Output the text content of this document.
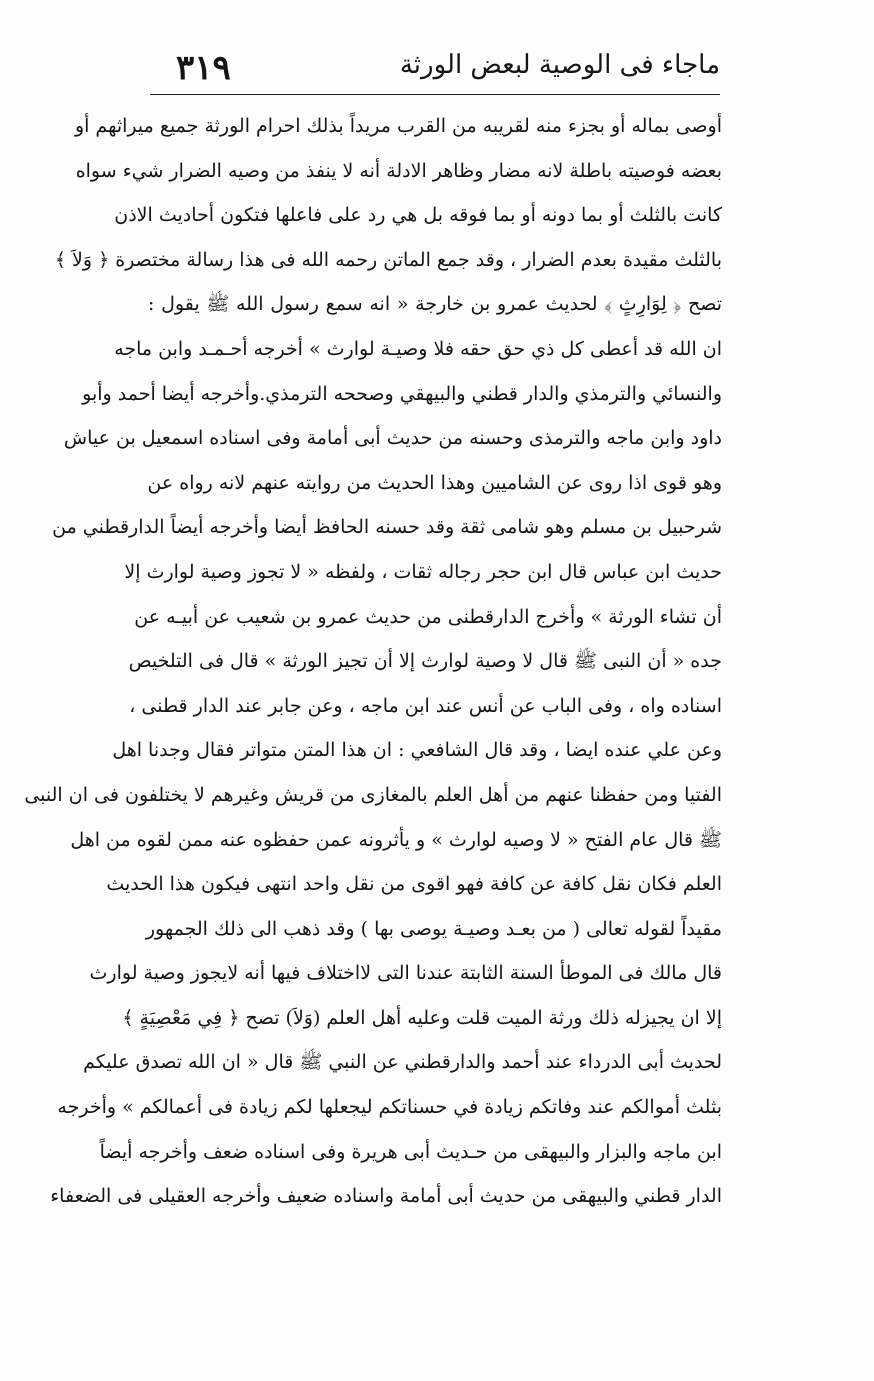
٣١٩	ماجاء فى الوصية لبعض الورثة
أوصى بماله أو بجزء منه لقريبه من القرب مريداً بذلك احرام الورثة جميع ميراثهم أو
بعضه فوصيته باطلة لانه مضار وظاهر الادلة أنه لا ينفذ من وصيه الضرار شيء سواه
كانت بالثلث أو بما دونه أو بما فوقه بل هي رد على فاعلها فتكون أحاديث الاذن
بالثلث مقيدة بعدم الضرار ، وقد جمع الماتن رحمه الله فى هذا رسالة مختصرة ﴿ وَلاَ ﴾
تصح ﴿ لِوَارِثٍ ﴾ لحديث عمرو بن خارجة « انه سمع رسول الله ﷺ يقول :
ان الله قد أعطى كل ذي حق حقه فلا وصيـة لوارث » أخرجه أحـمـد وابن ماجه
والنسائي والترمذي والدار قطني والبيهقي وصححه الترمذي.وأخرجه أيضا أحمد وأبو
داود وابن ماجه والترمذى وحسنه من حديث أبى أمامة وفى اسناده اسمعيل بن عياش
وهو قوى اذا روى عن الشاميين وهذا الحديث من روايته عنهم لانه رواه عن
شرحبيل بن مسلم وهو شامى ثقة وقد حسنه الحافظ أيضا وأخرجه أيضاً الدارقطني من
حديث ابن عباس قال ابن حجر رجاله ثقات ، ولفظه « لا تجوز وصية لوارث إلا
أن تشاء الورثة » وأخرج الدارقطنى من حديث عمرو بن شعيب عن أبيـه عن
جده « أن النبى ﷺ قال لا وصية لوارث إلا أن تجيز الورثة » قال فى التلخيص
اسناده واه ، وفى الباب عن أنس عند ابن ماجه ، وعن جابر عند الدار قطنى ،
وعن علي عنده ايضا ، وقد قال الشافعي : ان هذا المتن متواتر فقال وجدنا اهل
الفتيا ومن حفظنا عنهم من أهل العلم بالمغازى من قريش وغيرهم لا يختلفون فى ان النبى
ﷺ قال عام الفتح « لا وصيه لوارث » و يأثرونه عمن حفظوه عنه ممن لقوه من اهل
العلم فكان نقل كافة عن كافة فهو اقوى من نقل واحد انتهى فيكون هذا الحديث
مقيداً لقوله تعالى ( من بعـد وصيـة يوصى بها ) وقد ذهب الى ذلك الجمهور
قال مالك فى الموطأ السنة الثابتة عندنا التى لااختلاف فيها أنه لايجوز وصية لوارث
إلا ان يجيزله ذلك ورثة الميت قلت وعليه أهل العلم (وَلاَ) تصح ﴿ فِي مَعْصِيَةٍ ﴾
لحديث أبى الدرداء عند أحمد والدارقطني عن النبي ﷺ قال « ان الله تصدق عليكم
بثلث أموالكم عند وفاتكم زيادة في حسناتكم ليجعلها لكم زيادة فى أعمالكم » وأخرجه
ابن ماجه والبزار والبيهقى من حـديث أبى هريرة وفى اسناده ضعف وأخرجه أيضاً
الدار قطني والبيهقى من حديث أبى أمامة واسناده ضعيف وأخرجه العقيلى فى الضعفاء
